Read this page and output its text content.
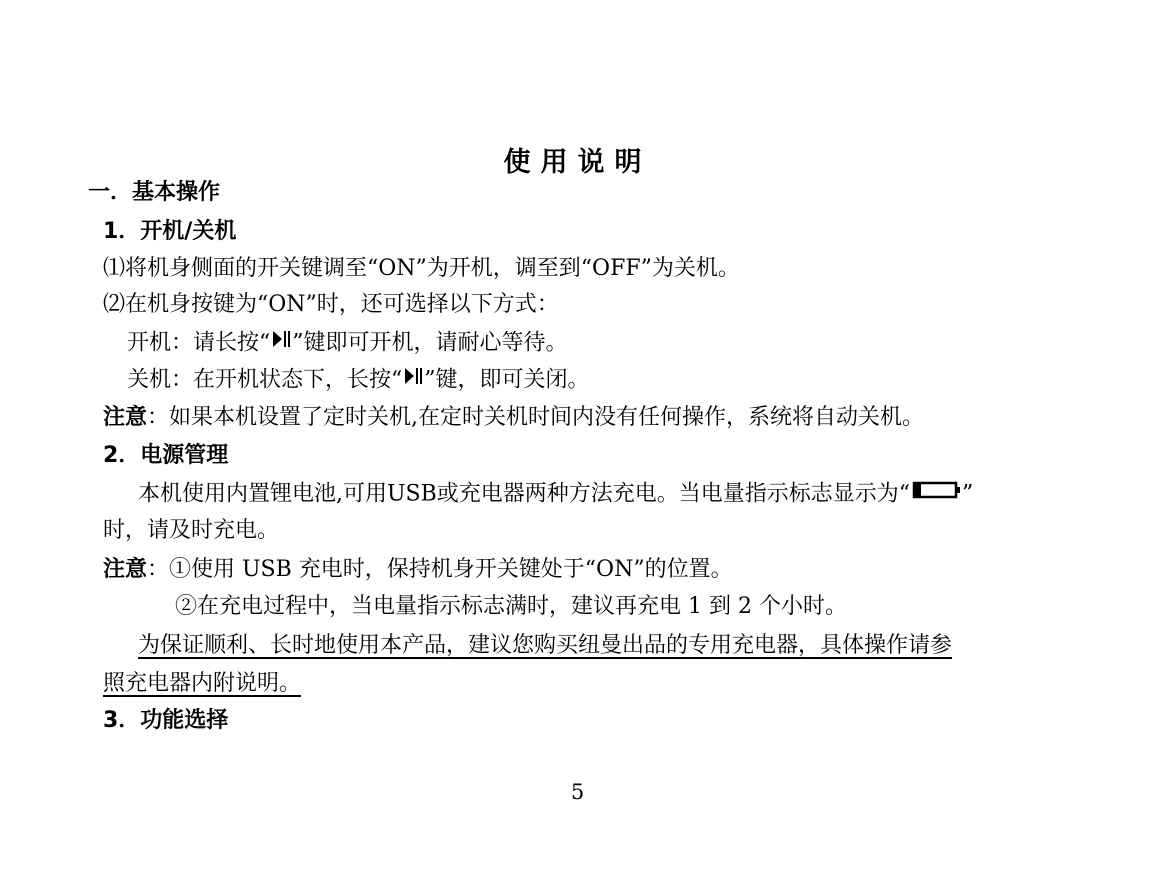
使用说明
一．基本操作
1．开机/关机
⑴将机身侧面的开关键调至“ON”为开机，调至到“OFF”为关机。
⑵在机身按键为“ON”时，还可选择以下方式：
开机：请长按“ ”键即可开机，请耐心等待。
关机：在开机状态下，长按“ ”键，即可关闭。
注意：如果本机设置了定时关机,在定时关机时间内没有任何操作，系统将自动关机。
2．电源管理
本机使用内置锂电池,可用USB或充电器两种方法充电。当电量指示标志显示为“ ”
时，请及时充电。
注意：①使用 USB 充电时，保持机身开关键处于“ON”的位置。
②在充电过程中，当电量指示标志满时，建议再充电 1 到 2 个小时。
为保证顺利、长时地使用本产品，建议您购买纽曼出品的专用充电器，具体操作请参
照充电器内附说明。
3．功能选择
5
